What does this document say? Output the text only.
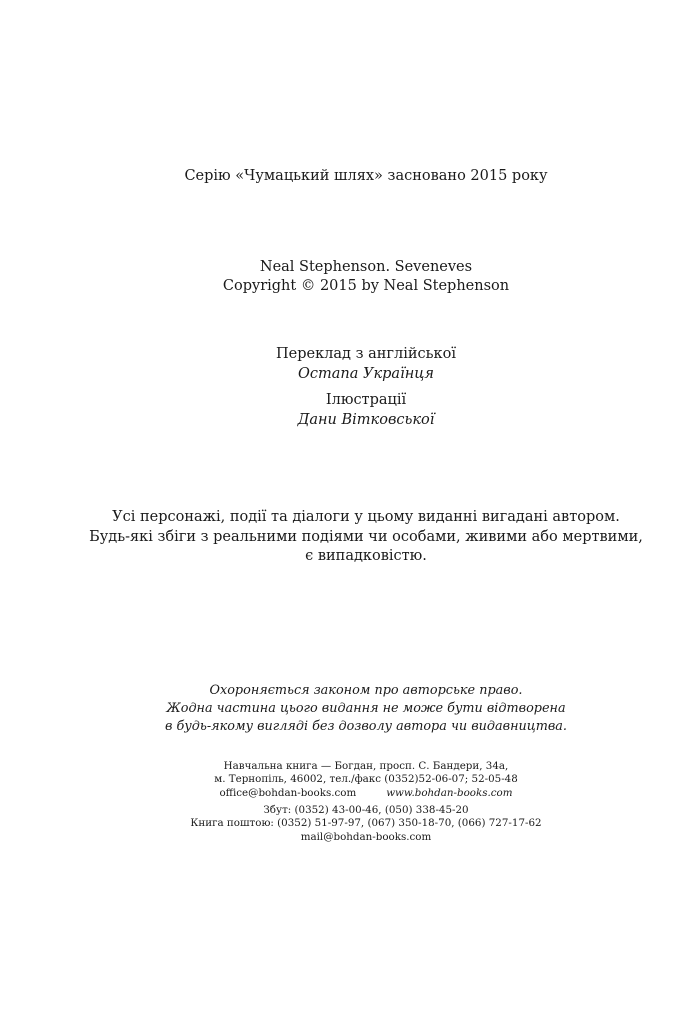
Серію «Чумацький шлях» засновано 2015 року

Neal Stephenson. Seveneves
Copyright © 2015 by Neal Stephenson

Переклад з англійської
Остапа Українця

Ілюстрації
Дани Вітковської

Усі персонажі, події та діалоги у цьому виданні вигадані автором.
Будь-які збіги з реальними подіями чи особами, живими або мертвими,
є випадковістю.

Охороняється законом про авторське право.
Жодна частина цього видання не може бути відтворена
в будь-якому вигляді без дозволу автора чи видавництва.

Навчальна книга — Богдан, просп. С. Бандери, 34а,
м. Тернопіль, 46002, тел./факс (0352)52-06-07; 52-05-48
office@bohdan-books.com	www.bohdan-books.com

Збут: (0352) 43-00-46, (050) 338-45-20
Книга поштою: (0352) 51-97-97, (067) 350-18-70, (066) 727-17-62
mail@bohdan-books.com
